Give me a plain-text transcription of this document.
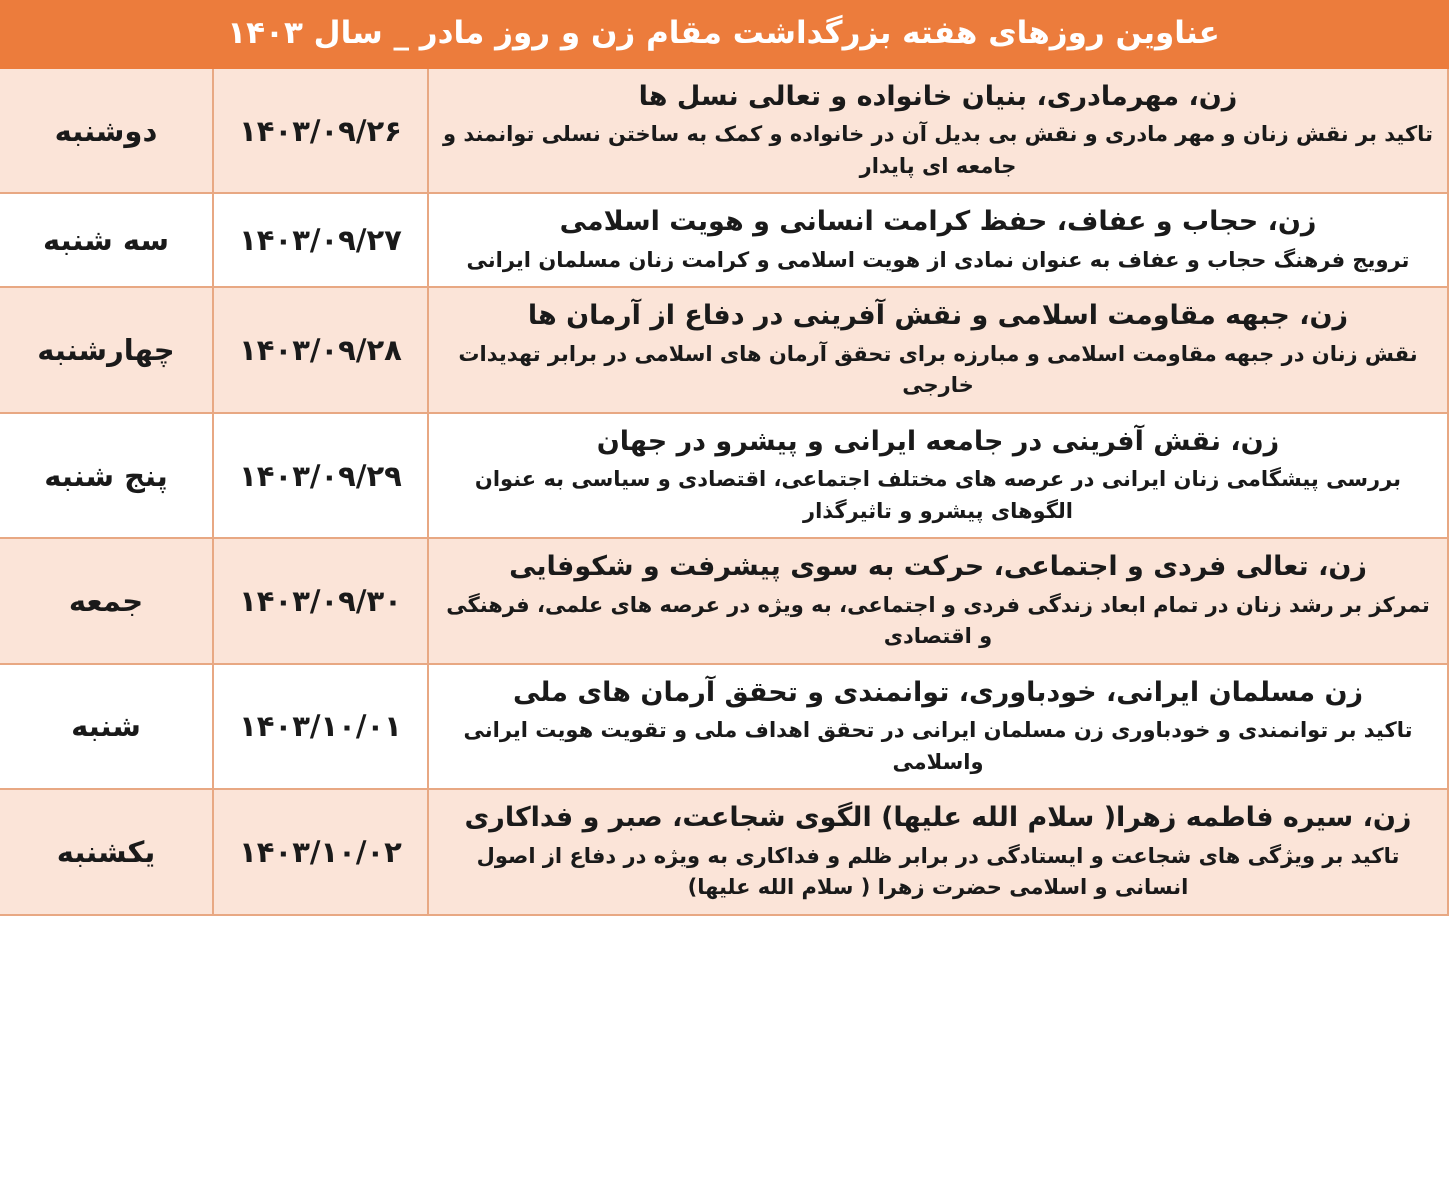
عناوین روزهای هفته بزرگداشت مقام زن و روز مادر _ سال ۱۴۰۳		

زن، مهرمادری، بنیان خانواده و تعالی نسل ها
تاکید بر نقش زنان و مهر مادری و نقش بی بدیل آن در خانواده و کمک به ساختن نسلی توانمند و جامعه ای پایدار	۱۴۰۳/۰۹/۲۶	دوشنبه

زن، حجاب و عفاف، حفظ کرامت انسانی و هویت اسلامی
ترویج فرهنگ حجاب و عفاف به عنوان نمادی از هویت اسلامی و کرامت زنان مسلمان ایرانی	۱۴۰۳/۰۹/۲۷	سه شنبه

زن، جبهه مقاومت اسلامی و نقش آفرینی در دفاع از آرمان ها
نقش زنان در جبهه مقاومت اسلامی و مبارزه برای تحقق آرمان های اسلامی در برابر تهدیدات خارجی	۱۴۰۳/۰۹/۲۸	چهارشنبه

زن، نقش آفرینی در جامعه ایرانی و پیشرو در جهان
بررسی پیشگامی زنان ایرانی در عرصه های مختلف اجتماعی، اقتصادی و سیاسی به عنوان الگوهای پیشرو و تاثیرگذار	۱۴۰۳/۰۹/۲۹	پنج شنبه

زن، تعالی فردی و اجتماعی، حرکت به سوی پیشرفت و شکوفایی
تمرکز بر رشد زنان در تمام ابعاد زندگی فردی و اجتماعی، به ویژه در عرصه های علمی، فرهنگی و اقتصادی	۱۴۰۳/۰۹/۳۰	جمعه

زن مسلمان ایرانی، خودباوری، توانمندی و تحقق آرمان های ملی
تاکید بر توانمندی و خودباوری زن مسلمان ایرانی در تحقق اهداف ملی و تقویت هویت ایرانی واسلامی	۱۴۰۳/۱۰/۰۱	شنبه

زن، سیره فاطمه زهرا( سلام الله علیها) الگوی شجاعت، صبر و فداکاری
تاکید بر ویژگی های شجاعت و ایستادگی در برابر ظلم و فداکاری به ویژه در دفاع از اصول انسانی و اسلامی حضرت زهرا ( سلام الله علیها)	۱۴۰۳/۱۰/۰۲	یکشنبه
